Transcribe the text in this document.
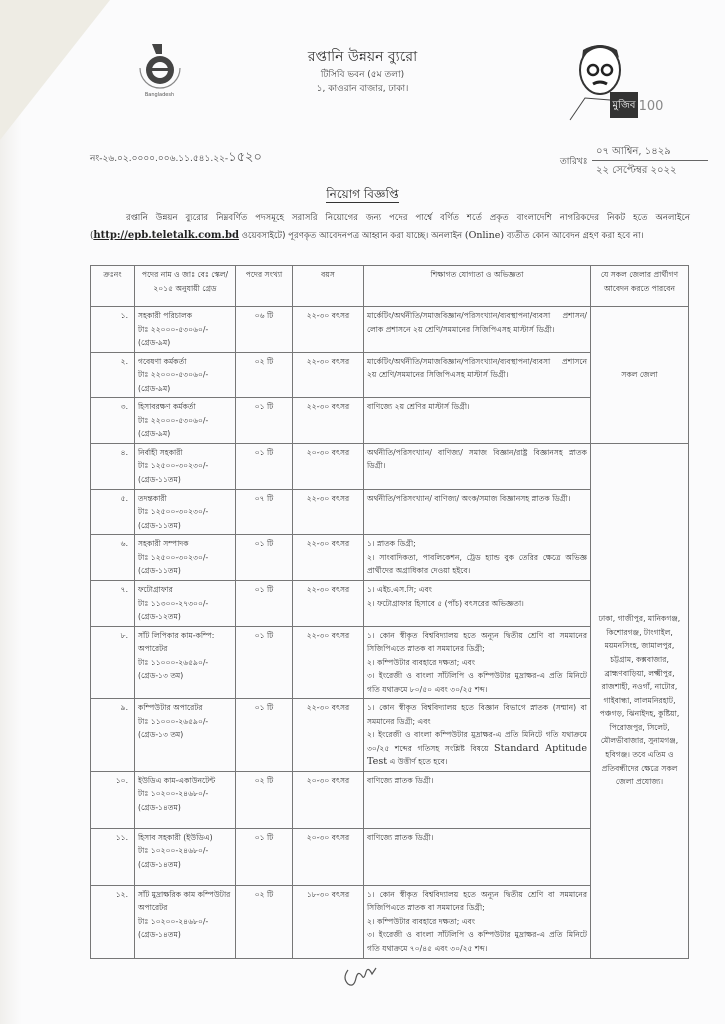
Bangladesh
রপ্তানি উন্নয়ন ব্যুরো
টিসিবি ভবন (৫ম তলা)
১, কাওরান বাজার, ঢাকা।
মুজিব 100
নং-২৬.০২.০০০০.০০৬.১১.৫৪১.২২-১৫২০	তারিখঃ
০৭ আশ্বিন, ১৪২৯
২২ সেপ্টেম্বর ২০২২
নিয়োগ বিজ্ঞপ্তি
রপ্তানি উন্নয়ন ব্যুরোর নিম্নবর্ণিত পদসমূহে সরাসরি নিয়োগের জন্য পদের পার্শ্বে বর্ণিত শর্তে প্রকৃত বাংলাদেশি নাগরিকদের নিকট হতে অনলাইনে (http://epb.teletalk.com.bd ওয়েবসাইটে) পূরণকৃত আবেদনপত্র আহ্বান করা যাচ্ছে। অনলাইন (Online) ব্যতীত কোন আবেদন গ্রহণ করা হবে না।
ক্রঃনং	পদের নাম ও জাঃ বেঃ স্কেল/২০১৫ অনুযায়ী গ্রেড	পদের সংখ্যা	বয়স	শিক্ষাগত যোগ্যতা ও অভিজ্ঞতা	যে সকল জেলার প্রার্থীগণ আবেদন করতে পারবেন	
১.	সহকারী পরিচালক
টাঃ ২২০০০-৫৩০৬০/-
(গ্রেড-৯ম)	০৬ টি	২২-৩০ বৎসর	মার্কেটিং/অর্থনীতি/সমাজবিজ্ঞান/পরিসংখ্যান/ব্যবস্থাপনা/ব্যবসা প্রশাসন/লোক প্রশাসনে ২য় শ্রেণি/সমমানের সিজিপিএসহ মাস্টার্স ডিগ্রী।	সকল জেলা	
২.	গবেষণা কর্মকর্তা
টাঃ ২২০০০-৫৩০৬০/-
(গ্রেড-৯ম)	০২ টি	২২-৩০ বৎসর	মার্কেটিং/অর্থনীতি/সমাজবিজ্ঞান/পরিসংখ্যান/ব্যবস্থাপনা/ব্যবসা প্রশাসনে ২য় শ্রেণি/সমমানের সিজিপিএসহ মাস্টার্স ডিগ্রী।		

৩.	হিসাবরক্ষণ কর্মকর্তা
টাঃ ২২০০০-৫৩০৬০/-
(গ্রেড-৯ম)	০১ টি	২২-৩০ বৎসর	বাণিজ্যে ২য় শ্রেণির মাস্টার্স ডিগ্রী।		

৪.	নির্বাহী সহকারী
টাঃ ১২৫০০-৩০২৩০/-
(গ্রেড-১১তম)
	০১ টি	২০-৩০ বৎসর	অর্থনীতি/পরিসংখ্যান/ বাণিজ্য/ সমাজ বিজ্ঞান/রাষ্ট্র বিজ্ঞানসহ স্নাতক ডিগ্রী।
	ঢাকা, গাজীপুর, মানিকগঞ্জ, কিশোরগঞ্জ, টাংগাইল, ময়মনসিংহ, জামালপুর, চট্টগ্রাম, কক্সবাজার, ব্রাহ্মণবাড়িয়া, লক্ষ্মীপুর, রাজশাহী, নওগাঁ, নাটোর, গাইবান্ধা, লালমনিরহাট, পঞ্চগড়, ঝিনাইদহ, কুষ্টিয়া, পিরোজপুর, সিলেট, মৌলভীবাজার, সুনামগঞ্জ, হবিগঞ্জ। তবে এতিম ও প্রতিবন্ধীদের ক্ষেত্রে সকল জেলা প্রযোজ্য।
৫.	তদন্তকারী
টাঃ ১২৫০০-৩০২৩০/-
(গ্রেড-১১তম)	০৭ টি	২২-৩০ বৎসর	অর্থনীতি/পরিসংখ্যান/ বাণিজ্য/ অংক/সমাজ বিজ্ঞানসহ স্নাতক ডিগ্রী।		

৬.	সহকারী সম্পাদক
টাঃ ১২৫০০-৩০২৩০/-
(গ্রেড-১১তম)
	০১ টি	২২-৩০ বৎসর	১। স্নাতক ডিগ্রী;
২। সাংবাদিকতা, পাবলিকেশন, ট্রেড হ্যান্ড বুক তেরির ক্ষেত্রে অভিজ্ঞ প্রার্থীদের অগ্রাধিকার দেওয়া হইবে।

৭.	ফটোগ্রাফার
টাঃ ১১৩০০-২৭৩০০/-
(গ্রেড-১২তম)
	০১ টি	২২-৩০ বৎসর	১। এইচ.এস.সি; এবং
২। ফটোগ্রাফার হিসাবে ৫ (পাঁচ) বৎসরের অভিজ্ঞতা।

৮.	সাঁট লিপিকার কাম-কম্পি: অপারেটর
টাঃ ১১০০০-২৬৫৯০/-
(গ্রেড-১৩ তম)
	০১ টি	২২-৩০ বৎসর	১। কোন স্বীকৃত বিশ্ববিদ্যালয় হতে অন্যূন দ্বিতীয় শ্রেণি বা সমমানের সিজিপিএতে স্নাতক বা সমমানের ডিগ্রী;
২। কম্পিউটার ব্যবহারে দক্ষতা; এবং
৩। ইংরেজী ও বাংলা সাঁটলিপি ও কম্পিউটার মুদ্রাক্ষর-এ প্রতি মিনিটে গতি যথাক্রমে ৮০/৫০ এবং ৩০/২৫ শব্দ।

৯.	কম্পিউটার অপারেটর
টাঃ ১১০০০-২৬৫৯০/-
(গ্রেড-১৩ তম)
	০১ টি	২২-৩০ বৎসর	১। কোন স্বীকৃত বিশ্ববিদ্যালয় হতে বিজ্ঞান বিভাগে স্নাতক (সম্মান) বা সমমানের ডিগ্রী; এবং
২। ইংরেজী ও বাংলা কম্পিউটার মুদ্রাক্ষর-এ প্রতি মিনিটে গতি যথাক্রমে ৩০/২৫ শব্দের গতিসহ সংশ্লিষ্ট বিষয়ে Standard Aptitude Test এ উত্তীর্ণ হতে হবে।

১০.	ইউডিএ কাম-একাউনটেন্ট
টাঃ ১০২০০-২৪৬৮০/-
(গ্রেড-১৪তম)	০২ টি	২০-৩০ বৎসর	বাণিজ্যে স্নাতক ডিগ্রী।		

১১.	হিসাব সহকারী (ইউডিএ)
টাঃ ১০২০০-২৪৬৮০/-
(গ্রেড-১৪তম)	০১ টি	২০-৩০ বৎসর	বাণিজ্যে স্নাতক ডিগ্রী।		

১২.	সাঁট মুদ্রাক্ষরিক কাম কম্পিউটার অপারেটর
টাঃ ১০২০০-২৪৬৮০/-
(গ্রেড-১৪তম)
	০২ টি	১৮-৩০ বৎসর	১। কোন স্বীকৃত বিশ্ববিদ্যালয় হতে অন্যূন দ্বিতীয় শ্রেণি বা সমমানের সিজিপিএতে স্নাতক বা সমমানের ডিগ্রী;
২। কম্পিউটার ব্যবহারে দক্ষতা; এবং
৩। ইংরেজী ও বাংলা সাঁটলিপি ও কম্পিউটার মুদ্রাক্ষর-এ প্রতি মিনিটে গতি যথাক্রমে ৭০/৪৫ এবং ৩০/২৫ শব্দ।
